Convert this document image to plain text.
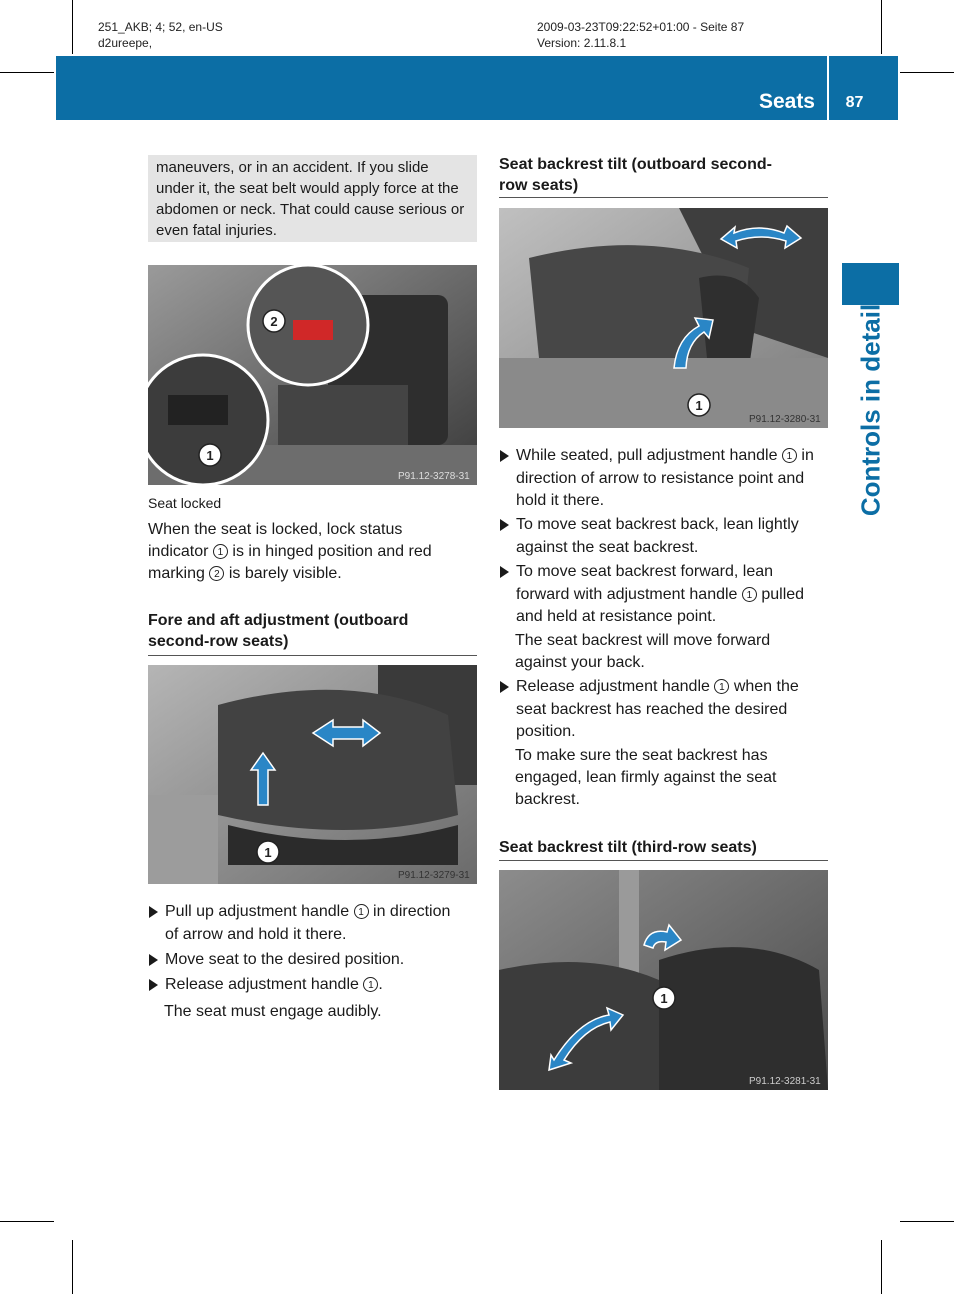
251_AKB; 4; 52, en-US
d2ureepe,
2009-03-23T09:22:52+01:00 - Seite 87
Version: 2.11.8.1
Seats	87
Controls in detail
maneuvers, or in an accident. If you slide under it, the seat belt would apply force at the abdomen or neck. That could cause serious or even fatal injuries.
2
1
P91.12-3278-31
Seat locked
When the seat is locked, lock status
indicator 1 is in hinged position and red
marking 2 is barely visible.
Fore and aft adjustment (outboard
second-row seats)
1
P91.12-3279-31
Pull up adjustment handle 1 in direction
of arrow and hold it there.
Move seat to the desired position.
Release adjustment handle 1 .
The seat must engage audibly.
Seat backrest tilt (outboard second-
row seats)
1
P91.12-3280-31
While seated, pull adjustment handle 1 in
direction of arrow to resistance point and
hold it there.
To move seat backrest back, lean lightly
against the seat backrest.
To move seat backrest forward, lean
forward with adjustment handle 1 pulled
and held at resistance point.
The seat backrest will move forward
against your back.
Release adjustment handle 1 when the
seat backrest has reached the desired
position.
To make sure the seat backrest has
engaged, lean firmly against the seat
backrest.
Seat backrest tilt (third-row seats)
1
P91.12-3281-31
